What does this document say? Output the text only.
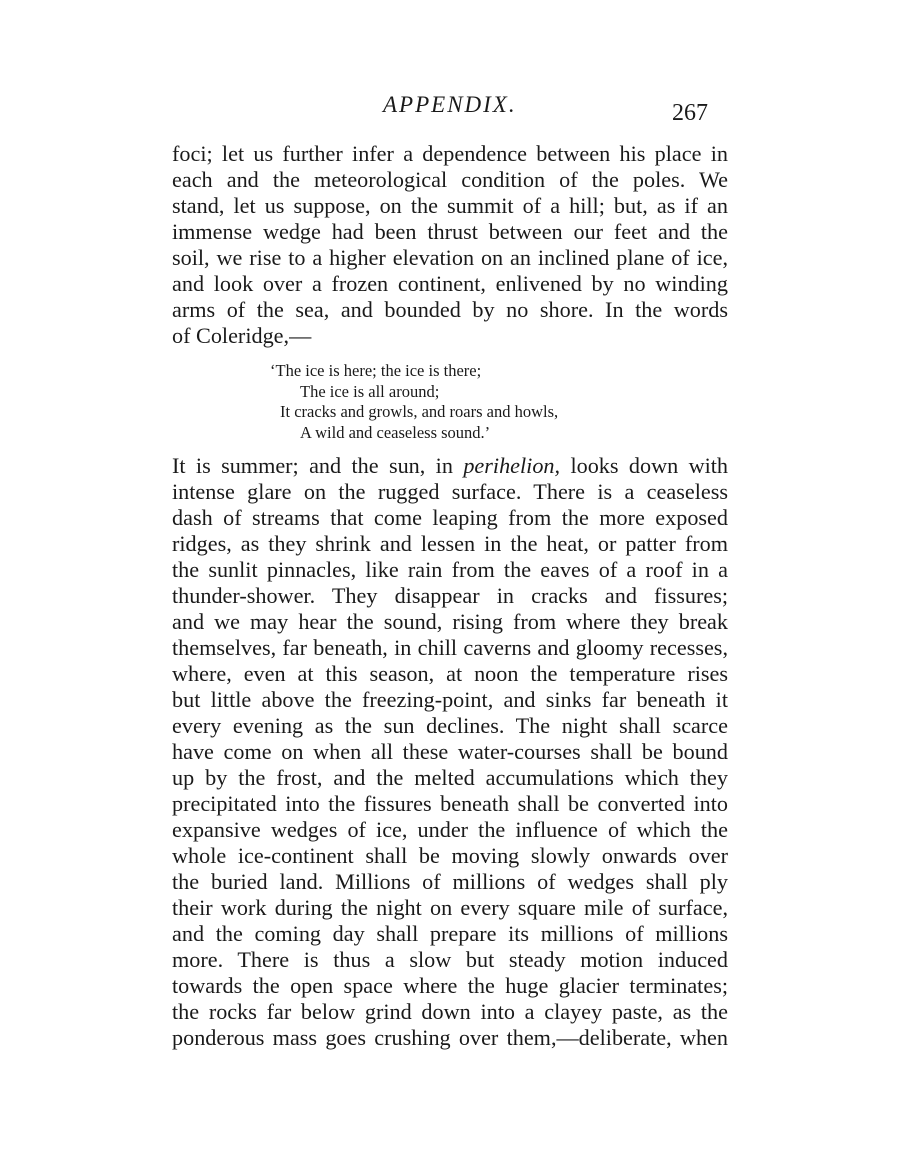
APPENDIX.	267
foci; let us further infer a dependence between his place in
each and the meteorological condition of the poles. We
stand, let us suppose, on the summit of a hill; but, as if an
immense wedge had been thrust between our feet and the
soil, we rise to a higher elevation on an inclined plane of ice,
and look over a frozen continent, enlivened by no winding
arms of the sea, and bounded by no shore. In the words
of Coleridge,—
‘The ice is here; the ice is there;
The ice is all around;
It cracks and growls, and roars and howls,
A wild and ceaseless sound.’
It is summer; and the sun, in perihelion, looks down with
intense glare on the rugged surface. There is a ceaseless
dash of streams that come leaping from the more exposed
ridges, as they shrink and lessen in the heat, or patter from
the sunlit pinnacles, like rain from the eaves of a roof in a
thunder-shower. They disappear in cracks and fissures;
and we may hear the sound, rising from where they break
themselves, far beneath, in chill caverns and gloomy recesses,
where, even at this season, at noon the temperature rises
but little above the freezing-point, and sinks far beneath it
every evening as the sun declines. The night shall scarce
have come on when all these water-courses shall be bound
up by the frost, and the melted accumulations which they
precipitated into the fissures beneath shall be converted into
expansive wedges of ice, under the influence of which the
whole ice-continent shall be moving slowly onwards over
the buried land. Millions of millions of wedges shall ply
their work during the night on every square mile of surface,
and the coming day shall prepare its millions of millions
more. There is thus a slow but steady motion induced
towards the open space where the huge glacier terminates;
the rocks far below grind down into a clayey paste, as the
ponderous mass goes crushing over them,—deliberate, when
